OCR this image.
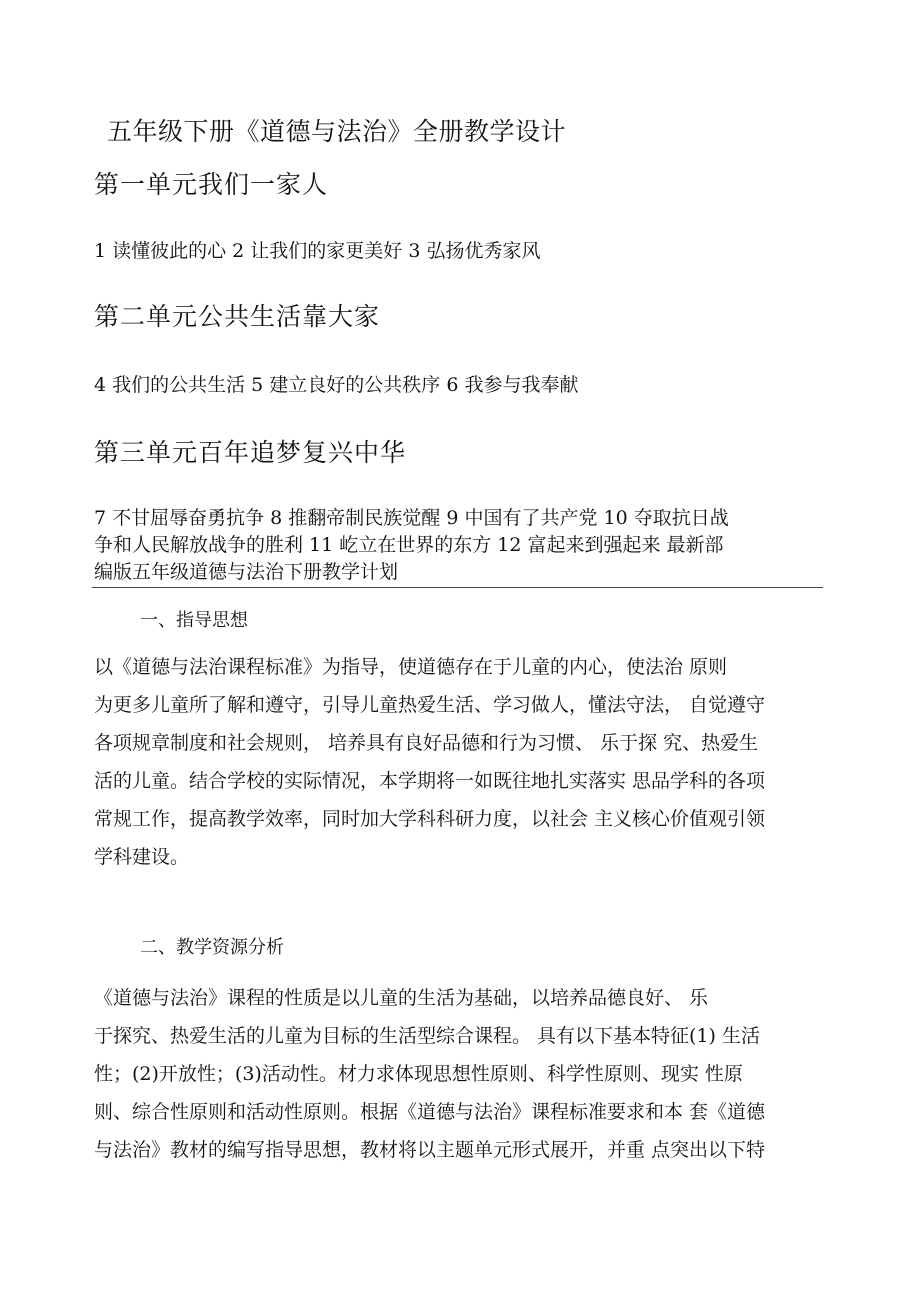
五年级下册《道德与法治》全册教学设计
第一单元我们一家人
1 读懂彼此的心 2 让我们的家更美好 3 弘扬优秀家风
第二单元公共生活靠大家
4 我们的公共生活 5 建立良好的公共秩序 6 我参与我奉献
第三单元百年追梦复兴中华
7 不甘屈辱奋勇抗争 8 推翻帝制民族觉醒 9 中国有了共产党 10 夺取抗日战
争和人民解放战争的胜利 11 屹立在世界的东方 12 富起来到强起来 最新部
编版五年级道德与法治下册教学计划
一、指导思想
以《道德与法治课程标准》为指导，使道德存在于儿童的内心，使法治 原则
为更多儿童所了解和遵守，引导儿童热爱生活、学习做人，懂法守法， 自觉遵守
各项规章制度和社会规则， 培养具有良好品德和行为习惯、 乐于探 究、热爱生
活的儿童。结合学校的实际情况，本学期将一如既往地扎实落实 思品学科的各项
常规工作，提高教学效率，同时加大学科科研力度，以社会 主义核心价值观引领
学科建设。
二、教学资源分析
《道德与法治》课程的性质是以儿童的生活为基础，以培养品德良好、 乐
于探究、热爱生活的儿童为目标的生活型综合课程。 具有以下基本特征(1) 生活
性；(2)开放性；(3)活动性。材力求体现思想性原则、科学性原则、现实 性原
则、综合性原则和活动性原则。根据《道德与法治》课程标准要求和本 套《道德
与法治》教材的编写指导思想，教材将以主题单元形式展开，并重 点突出以下特
